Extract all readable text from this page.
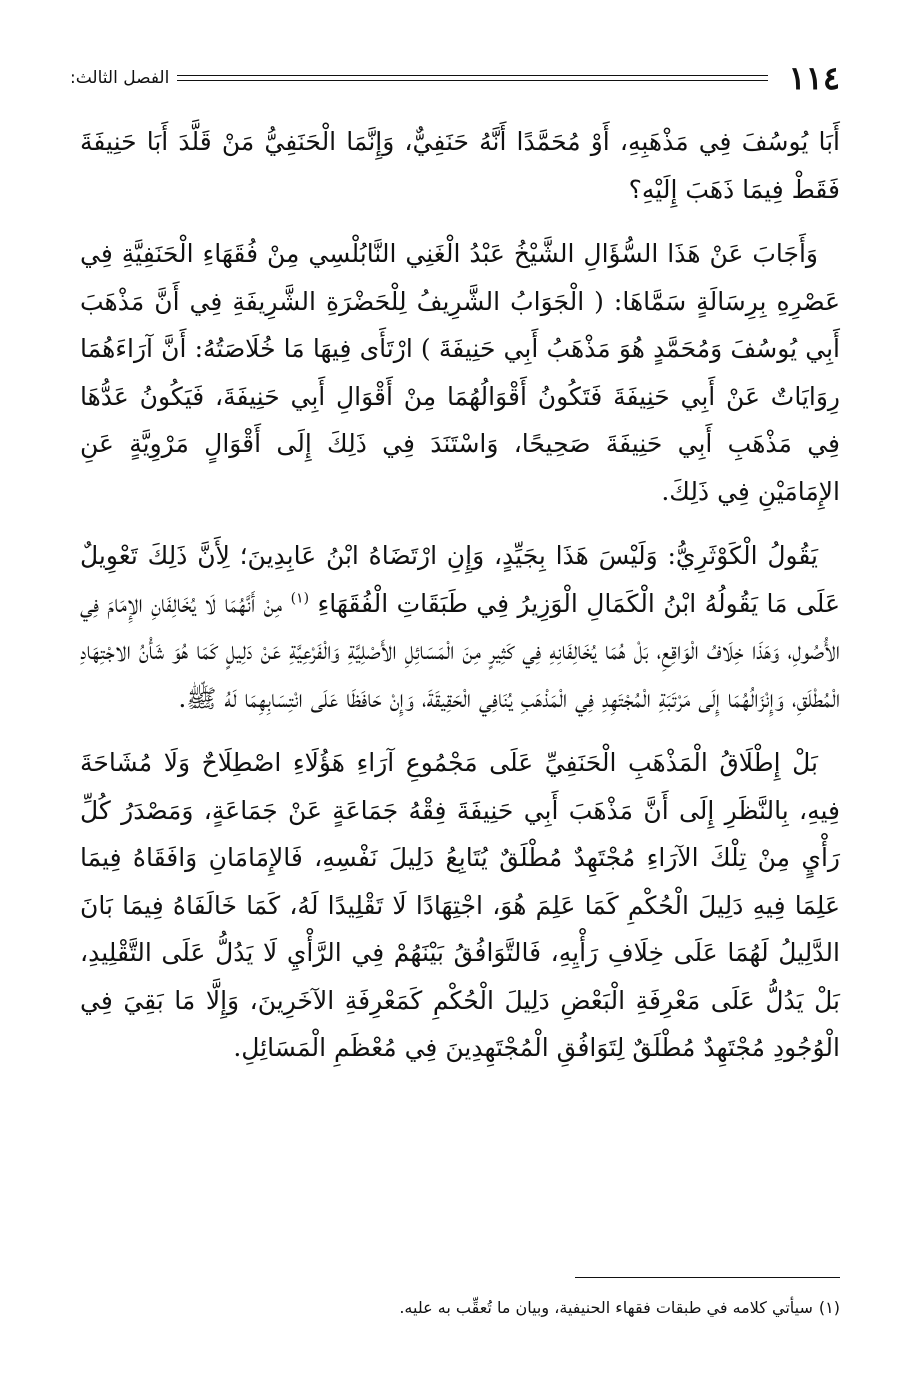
١١٤
الفصل الثالث:

أَبَا يُوسُفَ فِي مَذْهَبِهِ، أَوْ مُحَمَّدًا أَنَّهُ حَنَفِيٌّ، وَإِنَّمَا الْحَنَفِيُّ مَنْ قَلَّدَ أَبَا حَنِيفَةَ فَقَطْ فِيمَا ذَهَبَ إِلَيْهِ؟

وَأَجَابَ عَنْ هَذَا السُّؤَالِ الشَّيْخُ عَبْدُ الْغَنِي النَّابُلْسِي مِنْ فُقَهَاءِ الْحَنَفِيَّةِ فِي عَصْرِهِ بِرِسَالَةٍ سَمَّاهَا: ( الْجَوَابُ الشَّرِيفُ لِلْحَضْرَةِ الشَّرِيفَةِ فِي أَنَّ مَذْهَبَ أَبِي يُوسُفَ وَمُحَمَّدٍ هُوَ مَذْهَبُ أَبِي حَنِيفَةَ ) ارْتَأَى فِيهَا مَا خُلَاصَتُهُ: أَنَّ آرَاءَهُمَا رِوَايَاتٌ عَنْ أَبِي حَنِيفَةَ فَتَكُونُ أَقْوَالُهُمَا مِنْ أَقْوَالِ أَبِي حَنِيفَةَ، فَيَكُونُ عَدُّهَا فِي مَذْهَبِ أَبِي حَنِيفَةَ صَحِيحًا، وَاسْتَنَدَ فِي ذَلِكَ إِلَى أَقْوَالٍ مَرْوِيَّةٍ عَنِ الإِمَامَيْنِ فِي ذَلِكَ.

يَقُولُ الْكَوْثَرِيُّ: وَلَيْسَ هَذَا بِجَيِّدٍ، وَإِنِ ارْتَضَاهُ ابْنُ عَابِدِينَ؛ لِأَنَّ ذَلِكَ تَعْوِيلٌ عَلَى مَا يَقُولُهُ ابْنُ الْكَمَالِ الْوَزِيرُ فِي طَبَقَاتِ الْفُقَهَاءِ $^{(١)}$ مِنْ أَنَّهُمَا لَا يُخَالِفَانِ الإِمَامَ فِي الأُصُولِ، وَهَذَا خِلَافُ الْوَاقِعِ، بَلْ هُمَا يُخَالِفَانِهِ فِي كَثِيرٍ مِنَ الْمَسَائِلِ الأَصْلِيَّةِ وَالْفَرْعِيَّةِ عَنْ دَلِيلٍ كَمَا هُوَ شَأْنُ الاجْتِهَادِ الْمُطْلَقِ، وَإِنْزَالُهُمَا إِلَى مَرْتَبَةِ الْمُجْتَهِدِ فِي الْمَذْهَبِ يُنَافِي الْحَقِيقَةَ، وَإِنْ حَافَظَا عَلَى انْتِسَابِهِمَا لَهُ ﷺ.

بَلْ إِطْلَاقُ الْمَذْهَبِ الْحَنَفِيِّ عَلَى مَجْمُوعِ آرَاءِ هَؤُلَاءِ اصْطِلَاحٌ وَلَا مُشَاحَةَ فِيهِ، بِالنَّظَرِ إِلَى أَنَّ مَذْهَبَ أَبِي حَنِيفَةَ فِقْهُ جَمَاعَةٍ عَنْ جَمَاعَةٍ، وَمَصْدَرُ كُلِّ رَأْيٍ مِنْ تِلْكَ الآرَاءِ مُجْتَهِدٌ مُطْلَقٌ يُتَابِعُ دَلِيلَ نَفْسِهِ، فَالإِمَامَانِ وَافَقَاهُ فِيمَا عَلِمَا فِيهِ دَلِيلَ الْحُكْمِ كَمَا عَلِمَ هُوَ، اجْتِهَادًا لَا تَقْلِيدًا لَهُ، كَمَا خَالَفَاهُ فِيمَا بَانَ الدَّلِيلُ لَهُمَا عَلَى خِلَافِ رَأْيِهِ، فَالتَّوَافُقُ بَيْنَهُمْ فِي الرَّأْيِ لَا يَدُلُّ عَلَى التَّقْلِيدِ، بَلْ يَدُلُّ عَلَى مَعْرِفَةِ الْبَعْضِ دَلِيلَ الْحُكْمِ كَمَعْرِفَةِ الآخَرِينَ، وَإِلَّا مَا بَقِيَ فِي الْوُجُودِ مُجْتَهِدٌ مُطْلَقٌ لِتَوَافُقِ الْمُجْتَهِدِينَ فِي مُعْظَمِ الْمَسَائِلِ.

(١)سيأتي كلامه في طبقات فقهاء الحنيفية، وبيان ما تُعقِّب به عليه.
